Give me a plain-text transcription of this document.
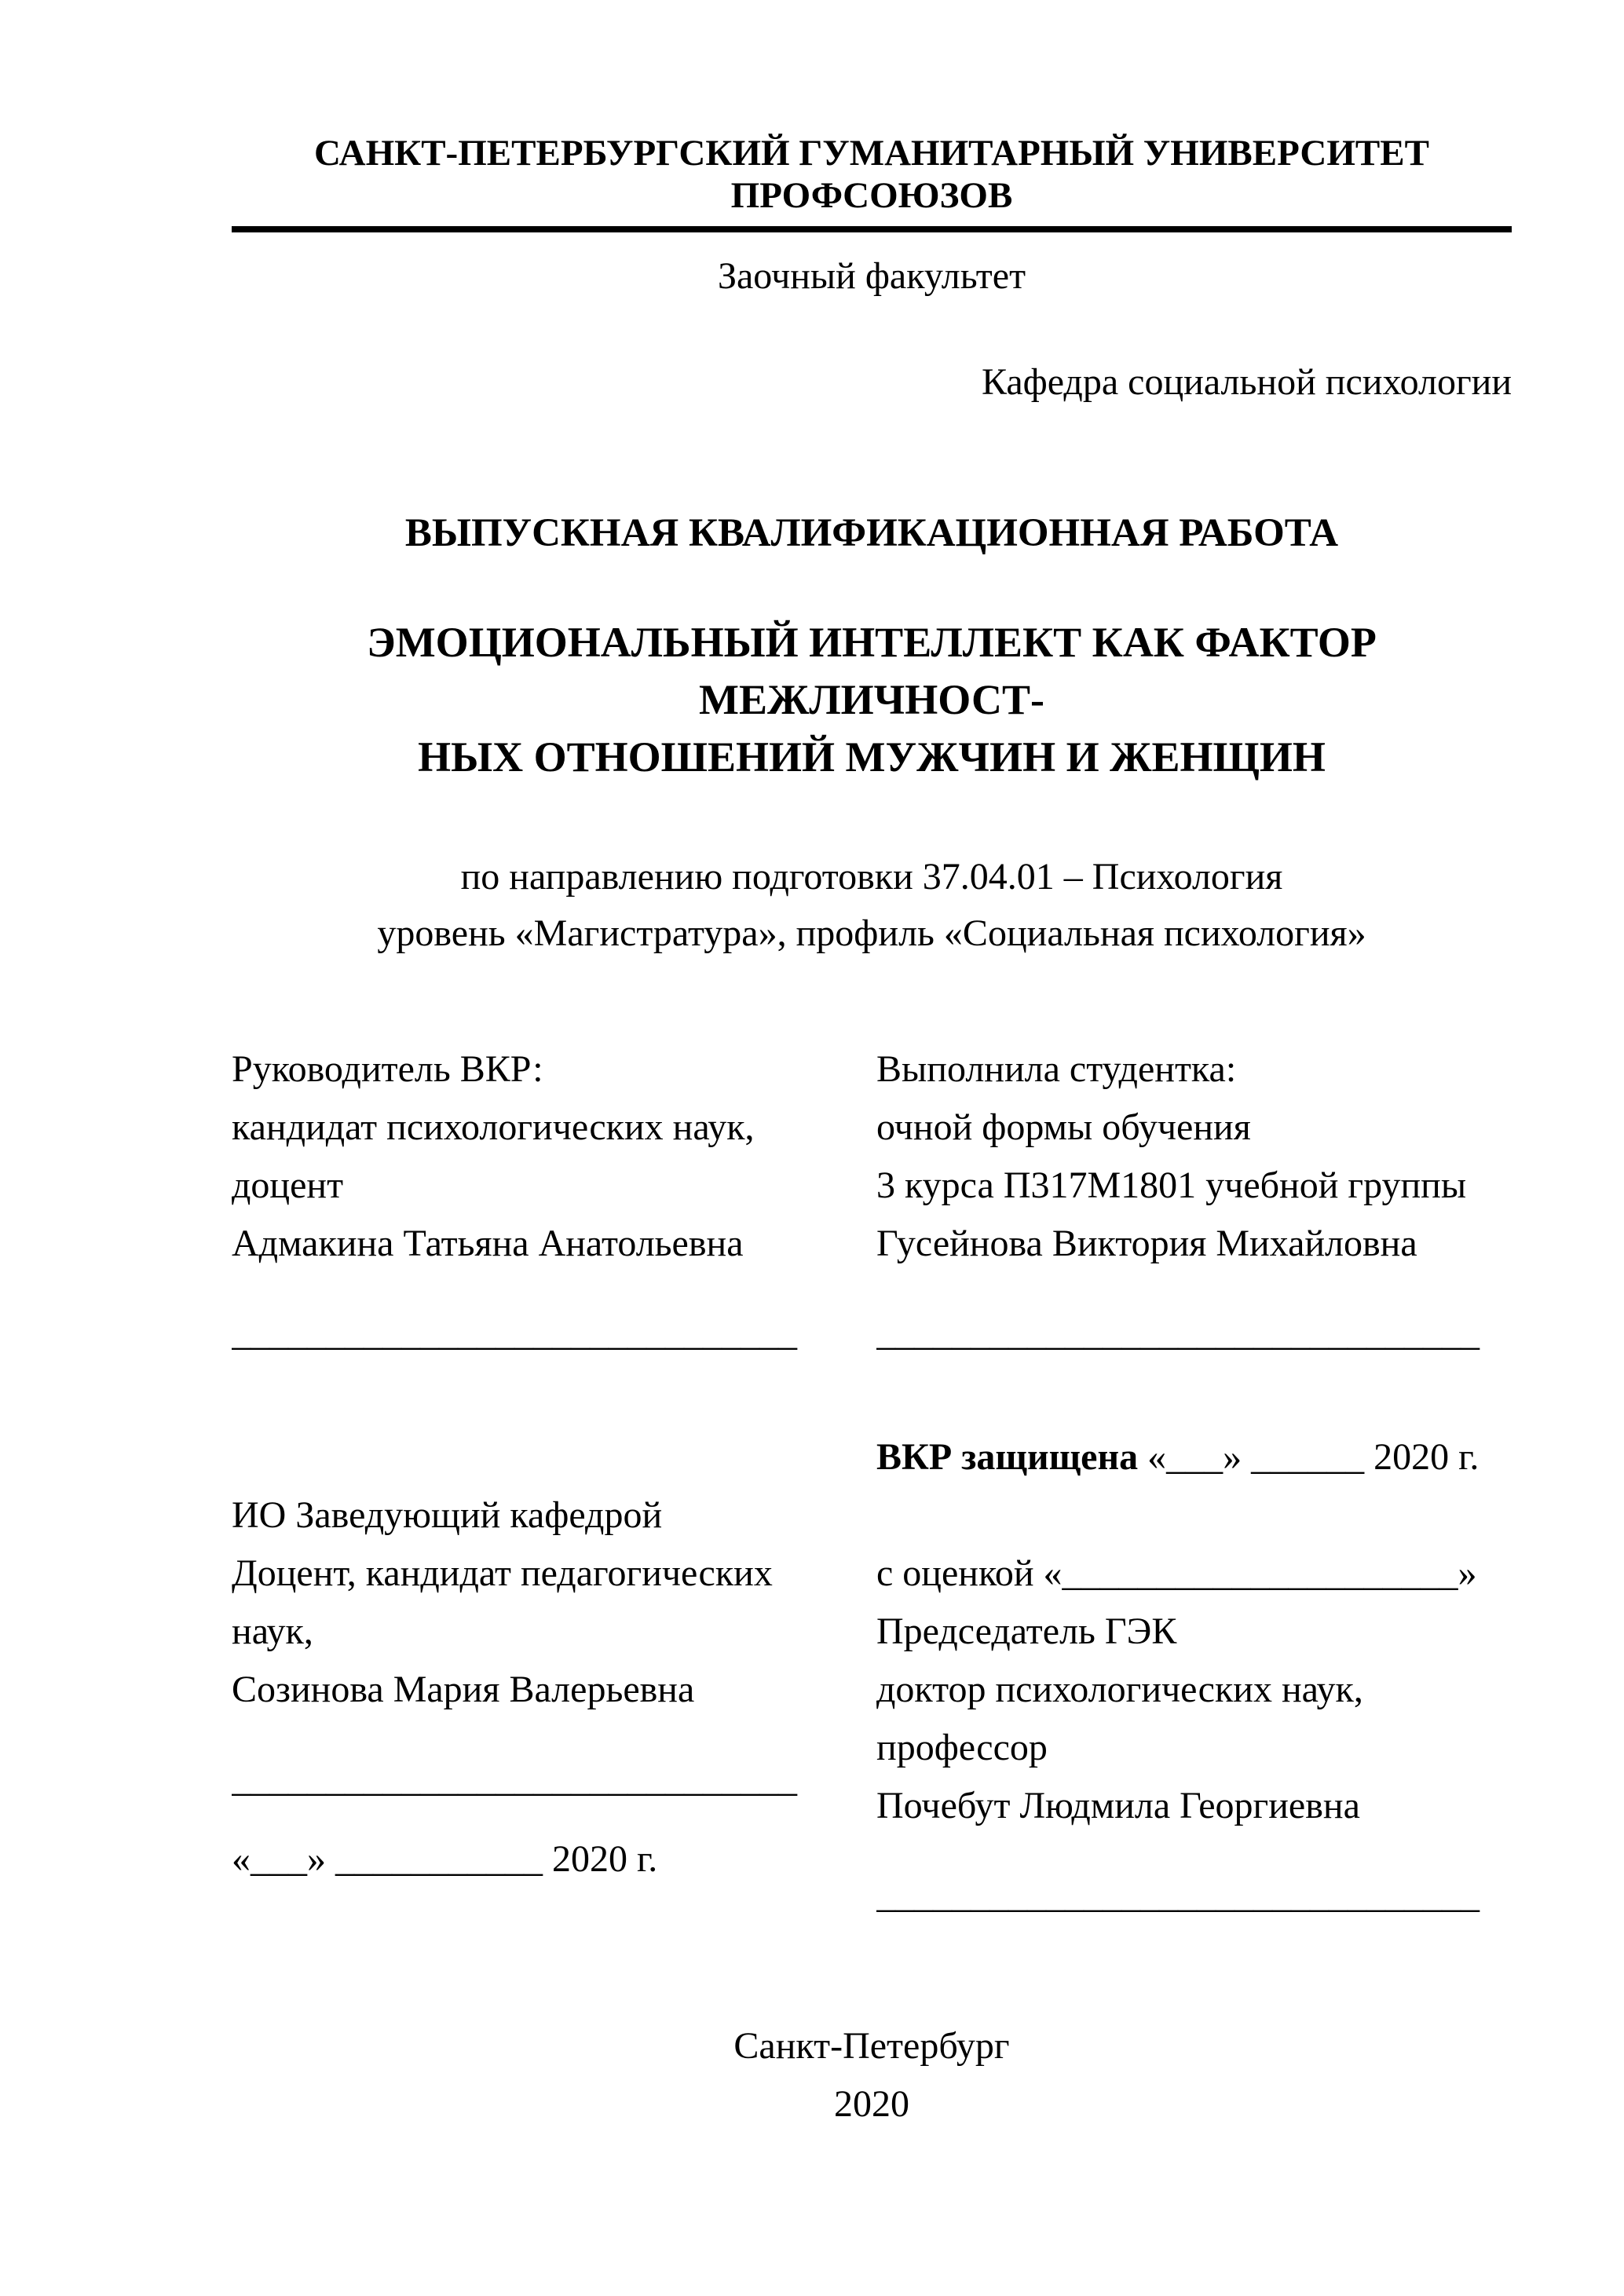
САНКТ-ПЕТЕРБУРГСКИЙ ГУМАНИТАРНЫЙ УНИВЕРСИТЕТ ПРОФСОЮЗОВ
Заочный факультет
Кафедра социальной психологии
ВЫПУСКНАЯ КВАЛИФИКАЦИОННАЯ РАБОТА
ЭМОЦИОНАЛЬНЫЙ ИНТЕЛЛЕКТ КАК ФАКТОР МЕЖЛИЧНОСТ-
НЫХ ОТНОШЕНИЙ МУЖЧИН И ЖЕНЩИН
по направлению подготовки 37.04.01 – Психология
уровень «Магистратура», профиль «Социальная психология»
Руководитель ВКР:
кандидат психологических наук,
доцент
Адмакина Татьяна Анатольевна
______________________________
Выполнила студентка:
очной формы обучения
3 курса П317М1801 учебной группы
Гусейнова Виктория Михайловна
________________________________
ИО Заведующий кафедрой
Доцент, кандидат педагогических
наук,
Созинова Мария Валерьевна
______________________________
«___» ___________ 2020 г.
ВКР защищена «___» ______ 2020 г.
с оценкой «_____________________»
Председатель ГЭК
доктор психологических наук,
профессор
Почебут Людмила Георгиевна
________________________________
Санкт-Петербург
2020
